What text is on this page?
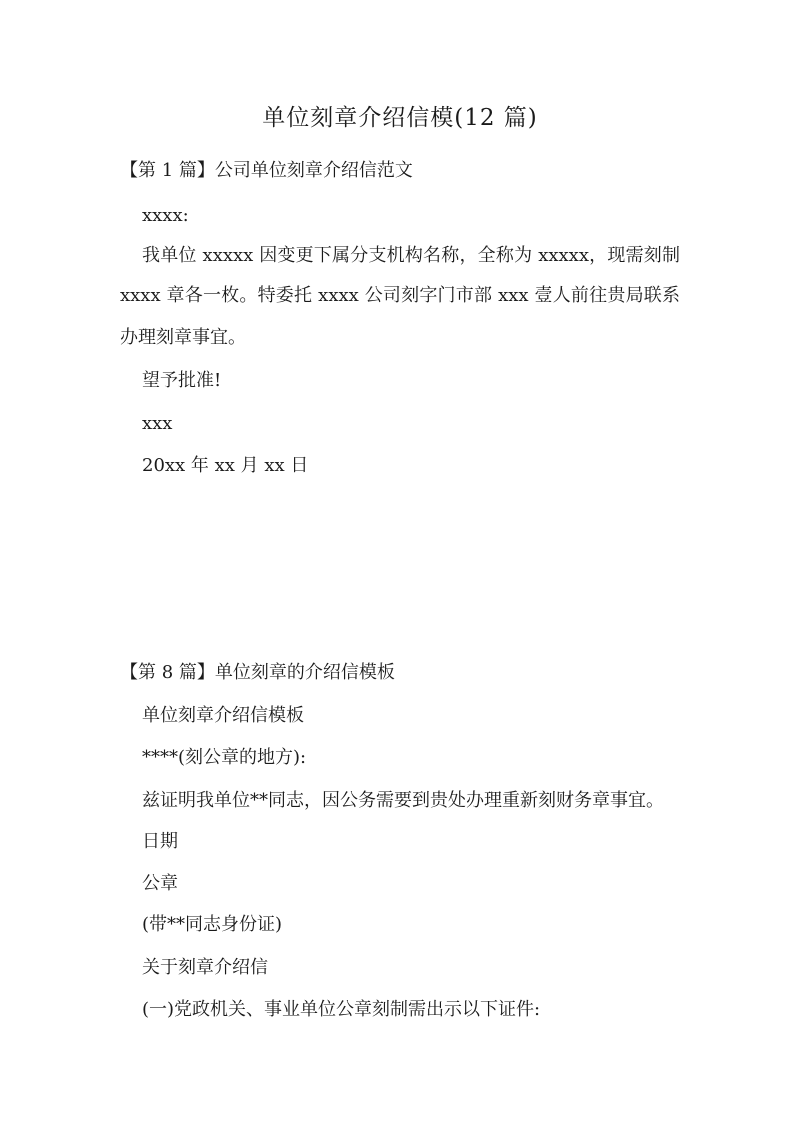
单位刻章介绍信模(12 篇)
【第 1 篇】公司单位刻章介绍信范文
xxxx:
我单位 xxxxx 因变更下属分支机构名称，全称为 xxxxx，现需刻制
xxxx 章各一枚。特委托 xxxx 公司刻字门市部 xxx 壹人前往贵局联系
办理刻章事宜。
望予批准!
xxx
20xx 年 xx 月 xx 日
【第 8 篇】单位刻章的介绍信模板
单位刻章介绍信模板
****(刻公章的地方):
兹证明我单位**同志，因公务需要到贵处办理重新刻财务章事宜。
日期
公章
(带**同志身份证)
关于刻章介绍信
(一)党政机关、事业单位公章刻制需出示以下证件:
